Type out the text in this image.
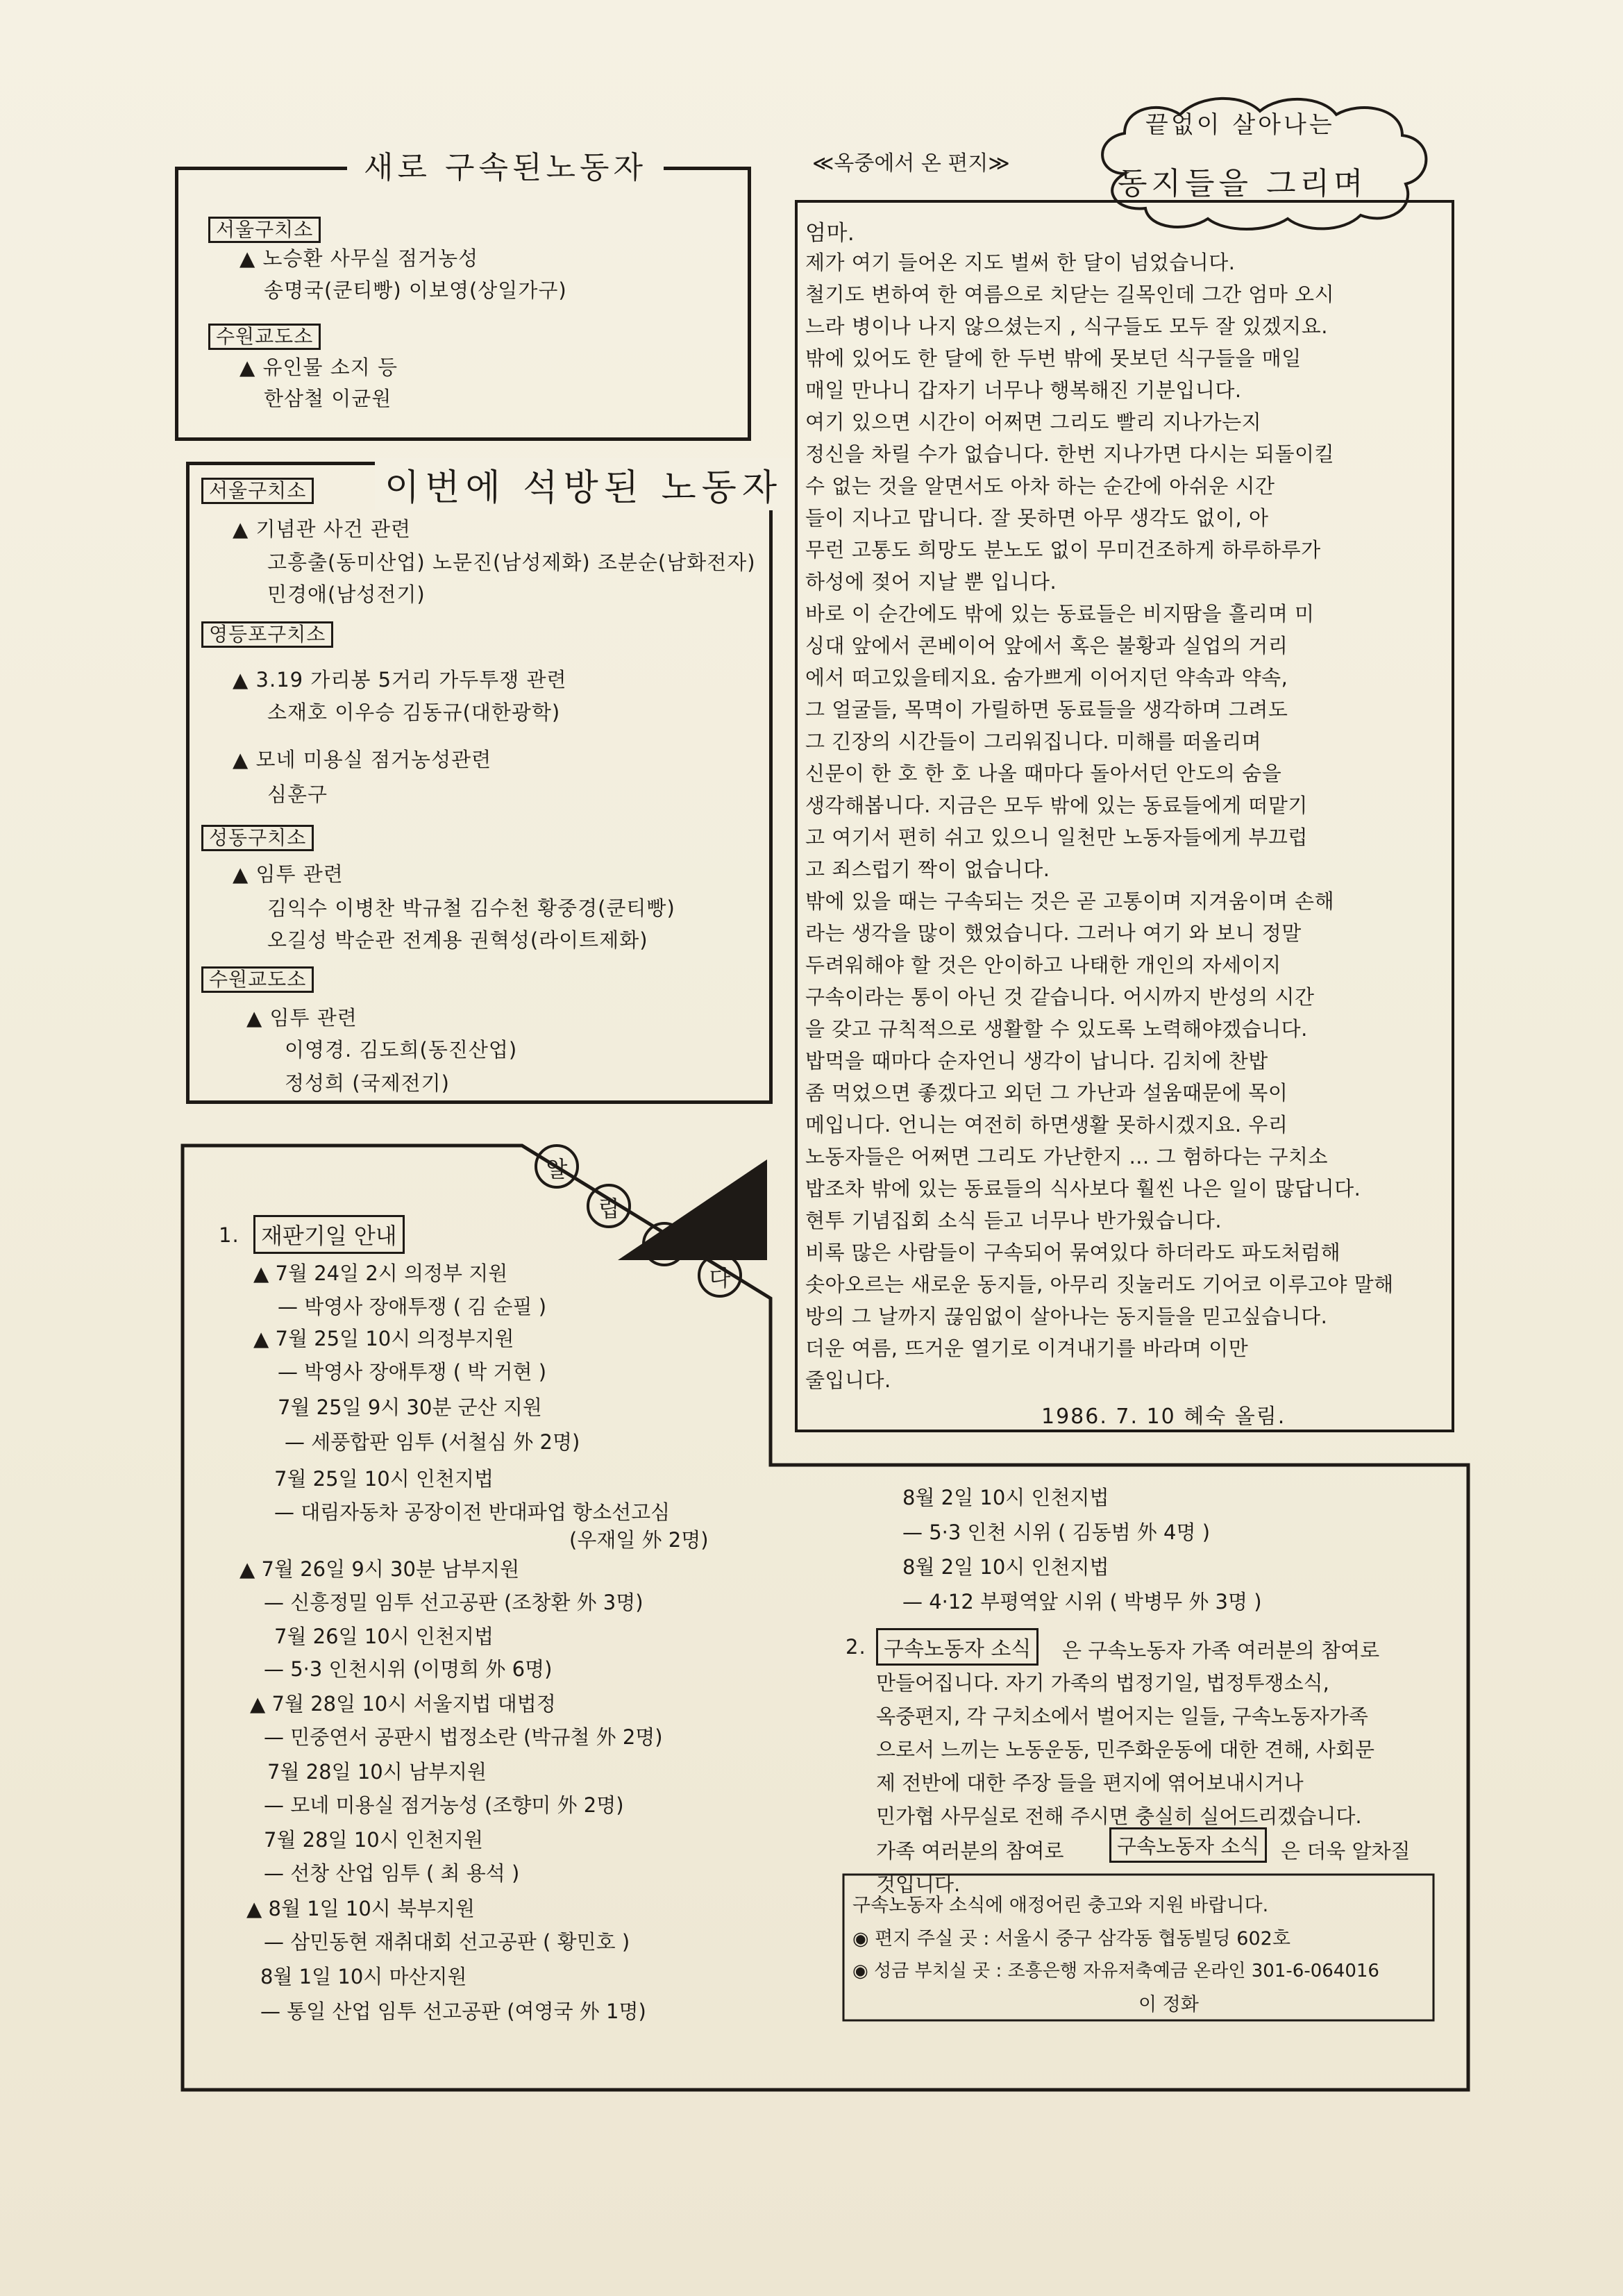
새로 구속된노동자
서울구치소
▲ 노승환 사무실 점거농성
송명국(쿤티빵) 이보영(상일가구)
수원교도소
▲ 유인물 소지 등
한삼철 이균원
이번에 석방된 노동자
서울구치소
▲ 기념관 사건 관련
고흥출(동미산업) 노문진(남성제화) 조분순(남화전자)
민경애(남성전기)
영등포구치소
▲ 3.19 가리봉 5거리 가두투쟁 관련
소재호 이우승 김동규(대한광학)
▲ 모네 미용실 점거농성관련
심훈구
성동구치소
▲ 임투 관련
김익수 이병찬 박규철 김수천 황중경(쿤티빵)
오길성 박순관 전계용 권혁성(라이트제화)
수원교도소
▲ 임투 관련
이영경. 김도희(동진산업)
정성희 (국제전기)
알
립
니
다
1. 재판기일 안내
▲ 7월 24일 2시 의정부 지원
— 박영사 장애투쟁 ( 김 순필 )
▲ 7월 25일 10시 의정부지원
— 박영사 장애투쟁 ( 박 거현 )
7월 25일 9시 30분 군산 지원
— 세풍합판 임투 (서철심 外 2명)
7월 25일 10시 인천지법
— 대림자동차 공장이전 반대파업 항소선고심
(우재일 外 2명)
▲ 7월 26일 9시 30분 남부지원
— 신흥정밀 임투 선고공판 (조창환 外 3명)
7월 26일 10시 인천지법
— 5·3 인천시위 (이명희 外 6명)
▲ 7월 28일 10시 서울지법 대법정
— 민중연서 공판시 법정소란 (박규철 外 2명)
7월 28일 10시 남부지원
— 모네 미용실 점거농성 (조향미 外 2명)
7월 28일 10시 인천지원
— 선창 산업 임투 ( 최 용석 )
▲ 8월 1일 10시 북부지원
— 삼민동현 재취대회 선고공판 ( 황민호 )
8월 1일 10시 마산지원
— 통일 산업 임투 선고공판 (여영국 外 1명)
8월 2일 10시 인천지법
— 5·3 인천 시위 ( 김동범 外 4명 )
8월 2일 10시 인천지법
— 4·12 부평역앞 시위 ( 박병무 外 3명 )
2. 구속노동자 소식	은 구속노동자 가족 여러분의 참여로
만들어집니다. 자기 가족의 법정기일, 법정투쟁소식,
옥중편지, 각 구치소에서 벌어지는 일들, 구속노동자가족
으로서 느끼는 노동운동, 민주화운동에 대한 견해, 사회문
제 전반에 대한 주장 들을 편지에 엮어보내시거나
민가협 사무실로 전해 주시면 충실히 실어드리겠습니다.
가족 여러분의 참여로	구속노동자 소식	은 더욱 알차질
것입니다.
구속노동자 소식에 애정어린 충고와 지원 바랍니다.
◉ 편지 주실 곳 : 서울시 중구 삼각동 협동빌딩 602호
◉ 성금 부치실 곳 : 조흥은행 자유저축예금 온라인 301-6-064016
이 정화
≪옥중에서 온 편지≫
끝없이 살아나는
동지들을 그리며
엄마.
제가 여기 들어온 지도 벌써 한 달이 넘었습니다.
철기도 변하여 한 여름으로 치닫는 길목인데 그간 엄마 오시
느라 병이나 나지 않으셨는지 , 식구들도 모두 잘 있겠지요.
밖에 있어도 한 달에 한 두번 밖에 못보던 식구들을 매일
매일 만나니 갑자기 너무나 행복해진 기분입니다.
여기 있으면 시간이 어쩌면 그리도 빨리 지나가는지
정신을 차릴 수가 없습니다. 한번 지나가면 다시는 되돌이킬
수 없는 것을 알면서도 아차 하는 순간에 아쉬운 시간
들이 지나고 맙니다. 잘 못하면 아무 생각도 없이, 아
무런 고통도 희망도 분노도 없이 무미건조하게 하루하루가
하성에 젖어 지날 뿐 입니다.
바로 이 순간에도 밖에 있는 동료들은 비지땀을 흘리며 미
싱대 앞에서 콘베이어 앞에서 혹은 불황과 실업의 거리
에서 떠고있을테지요. 숨가쁘게 이어지던 약속과 약속,
그 얼굴들, 목멱이 가릴하면 동료들을 생각하며 그려도
그 긴장의 시간들이 그리워집니다. 미해를 떠올리며
신문이 한 호 한 호 나올 때마다 돌아서던 안도의 숨을
생각해봅니다. 지금은 모두 밖에 있는 동료들에게 떠맡기
고 여기서 편히 쉬고 있으니 일천만 노동자들에게 부끄럽
고 죄스럽기 짝이 없습니다.
밖에 있을 때는 구속되는 것은 곧 고통이며 지겨움이며 손해
라는 생각을 많이 했었습니다. 그러나 여기 와 보니 정말
두려워해야 할 것은 안이하고 나태한 개인의 자세이지
구속이라는 통이 아닌 것 같습니다. 어시까지 반성의 시간
을 갖고 규칙적으로 생활할 수 있도록 노력해야겠습니다.
밥먹을 때마다 순자언니 생각이 납니다. 김치에 찬밥
좀 먹었으면 좋겠다고 외던 그 가난과 설움때문에 목이
메입니다. 언니는 여전히 하면생활 못하시겠지요. 우리
노동자들은 어쩌면 그리도 가난한지 ... 그 험하다는 구치소
밥조차 밖에 있는 동료들의 식사보다 훨씬 나은 일이 많답니다.
현투 기념집회 소식 듣고 너무나 반가웠습니다.
비록 많은 사람들이 구속되어 묶여있다 하더라도 파도처럼해
솟아오르는 새로운 동지들, 아무리 짓눌러도 기어코 이루고야 말해
방의 그 날까지 끊임없이 살아나는 동지들을 믿고싶습니다.
더운 여름, 뜨거운 열기로 이겨내기를 바라며 이만
줄입니다.
1986. 7. 10 혜숙 올림.
